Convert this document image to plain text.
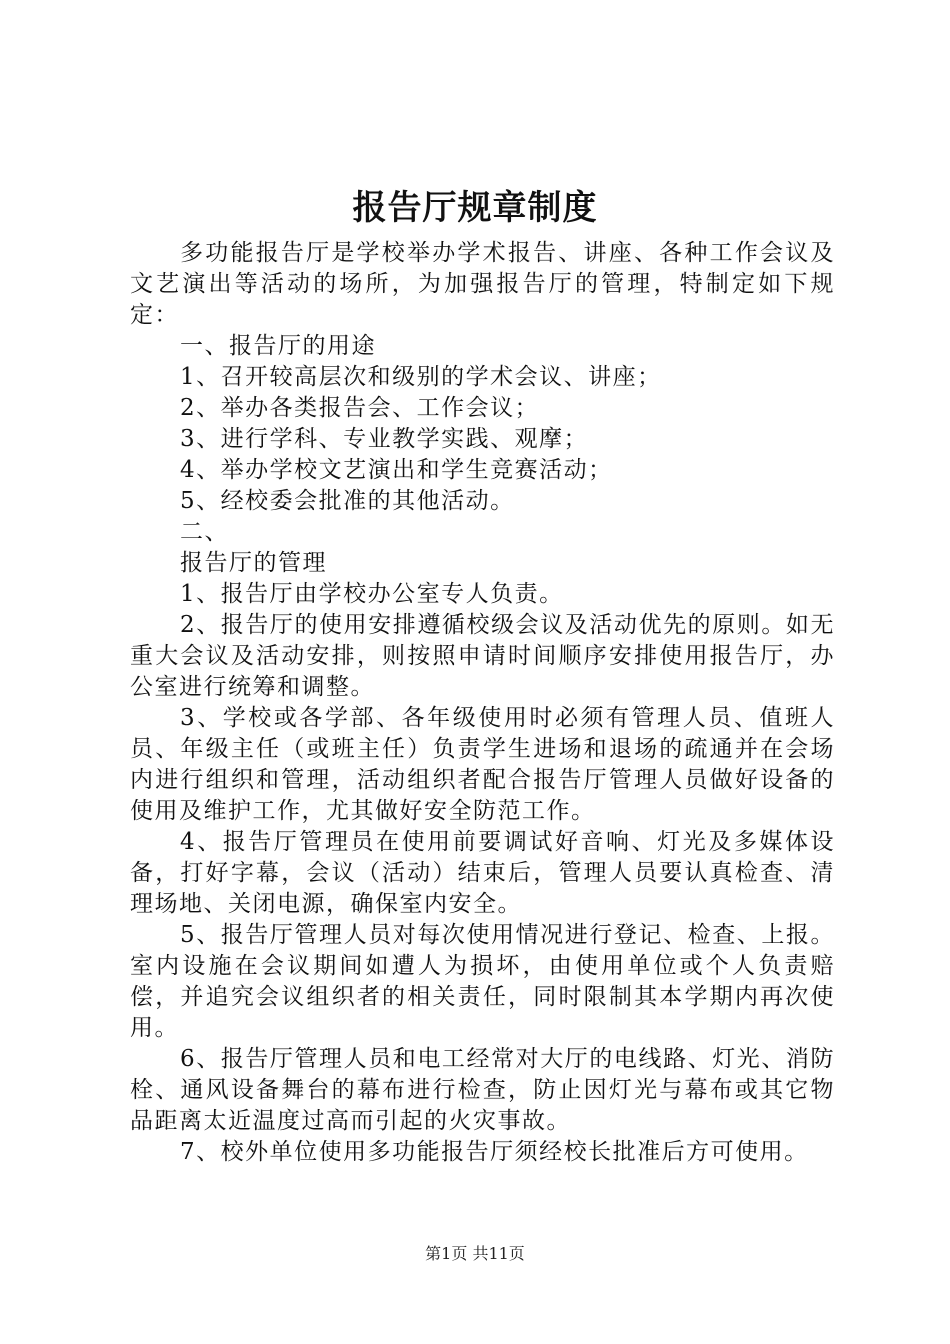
报告厅规章制度

多功能报告厅是学校举办学术报告、讲座、各种工作会议及文艺演出等活动的场所，为加强报告厅的管理，特制定如下规定：

一、报告厅的用途

1、召开较高层次和级别的学术会议、讲座；

2、举办各类报告会、工作会议；

3、进行学科、专业教学实践、观摩；

4、举办学校文艺演出和学生竞赛活动；

5、经校委会批准的其他活动。

二、

报告厅的管理

1、报告厅由学校办公室专人负责。

2、报告厅的使用安排遵循校级会议及活动优先的原则。如无重大会议及活动安排，则按照申请时间顺序安排使用报告厅，办公室进行统筹和调整。

3、学校或各学部、各年级使用时必须有管理人员、值班人员、年级主任（或班主任）负责学生进场和退场的疏通并在会场内进行组织和管理，活动组织者配合报告厅管理人员做好设备的使用及维护工作，尤其做好安全防范工作。

4、报告厅管理员在使用前要调试好音响、灯光及多媒体设备，打好字幕，会议（活动）结束后，管理人员要认真检查、清理场地、关闭电源，确保室内安全。

5、报告厅管理人员对每次使用情况进行登记、检查、上报。室内设施在会议期间如遭人为损坏，由使用单位或个人负责赔偿，并追究会议组织者的相关责任，同时限制其本学期内再次使用。

6、报告厅管理人员和电工经常对大厅的电线路、灯光、消防栓、通风设备舞台的幕布进行检查，防止因灯光与幕布或其它物品距离太近温度过高而引起的火灾事故。

7、校外单位使用多功能报告厅须经校长批准后方可使用。

第1页 共11页
